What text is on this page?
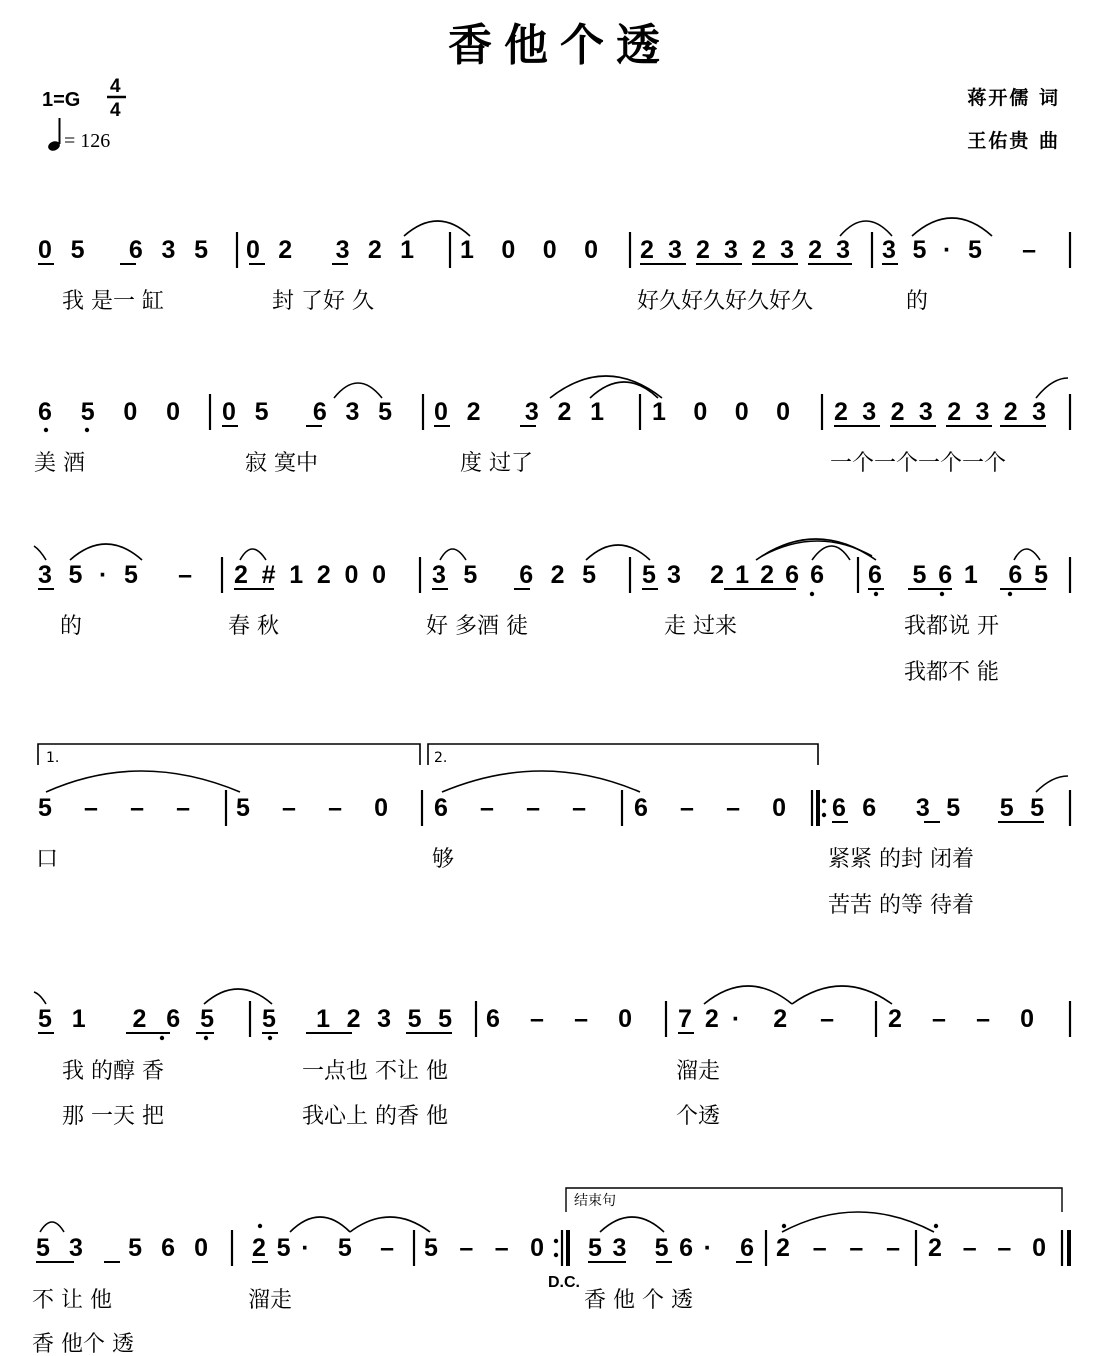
香他个透
1=G
4
4
= 126
蒋开儒 词
王佑贵 曲
05 635 02 321 1000 23232323 35·5 –
我 是一 缸	封 了好 久	好久好久好久好久	的
6500 05 635 02 321 1000 23232323
美 酒	寂 寞中	度 过了	一个一个一个一个
35·5 – 2#1200 35 625 53 21266 6 561 65
的	春 秋	好 多酒 徒	走 过来	我都说 开
我都不 能
1.	2.
5 – – – 5 – – 0 6 – – – 6 – – 0 66 35 55
口	够	紧紧 的封 闭着
苦苦 的等 待着
51 265 5 12355 6 – – 0 72· 2 – 2 – – 0
我 的醇 香	一点也 不让 他	溜走
那 一天 把	我心上 的香 他	个透
结束句
53 560 25· 5 – 5 – – 0 53 56· 6 2 – – – 2 – – 0
D.C.
不 让 他	溜走	香 他 个 透
香 他个 透
